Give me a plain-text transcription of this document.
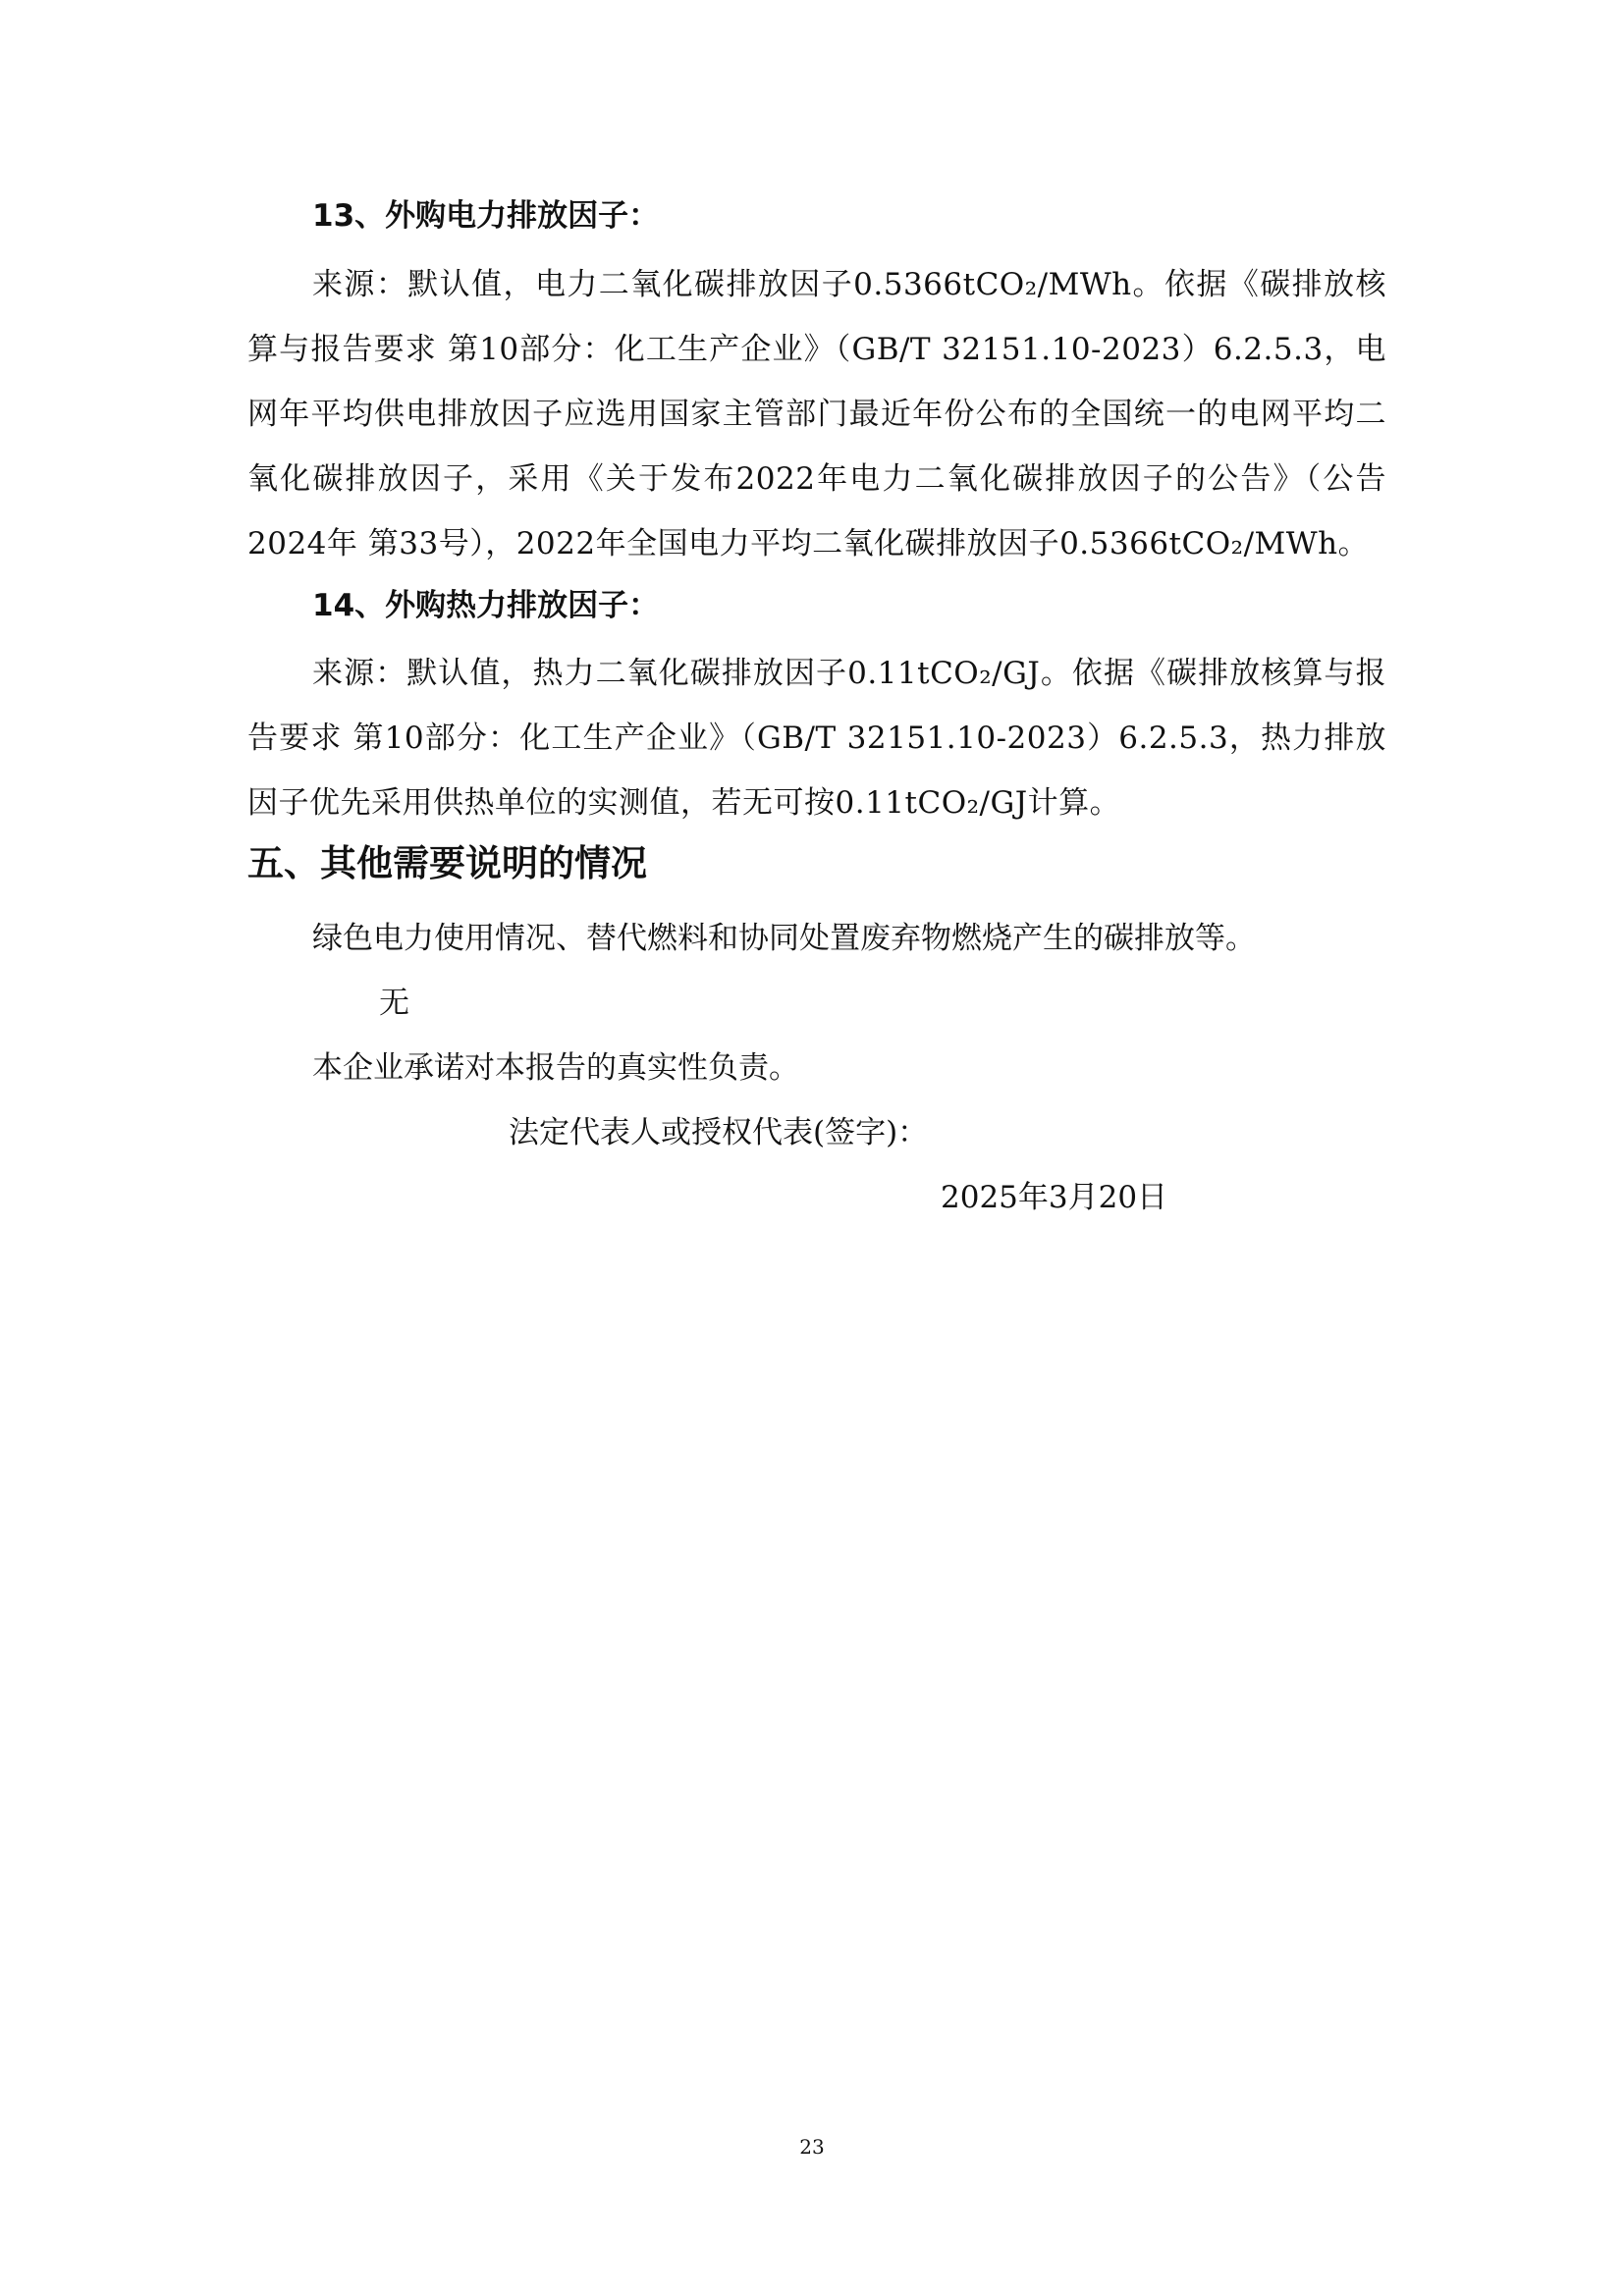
13、外购电力排放因子：
来源：默认值，电力二氧化碳排放因子0.5366tCO₂/MWh。依据《碳排放核算与报告要求 第10部分：化工生产企业》（GB/T 32151.10-2023）6.2.5.3，电网年平均供电排放因子应选用国家主管部门最近年份公布的全国统一的电网平均二氧化碳排放因子，采用《关于发布2022年电力二氧化碳排放因子的公告》（公告 2024年 第33号），2022年全国电力平均二氧化碳排放因子0.5366tCO₂/MWh。
14、外购热力排放因子：
来源：默认值，热力二氧化碳排放因子0.11tCO₂/GJ。依据《碳排放核算与报告要求 第10部分：化工生产企业》（GB/T 32151.10-2023）6.2.5.3，热力排放因子优先采用供热单位的实测值，若无可按0.11tCO₂/GJ计算。
五、其他需要说明的情况
绿色电力使用情况、替代燃料和协同处置废弃物燃烧产生的碳排放等。
无
本企业承诺对本报告的真实性负责。
法定代表人或授权代表(签字)：
2025年3月20日
23
